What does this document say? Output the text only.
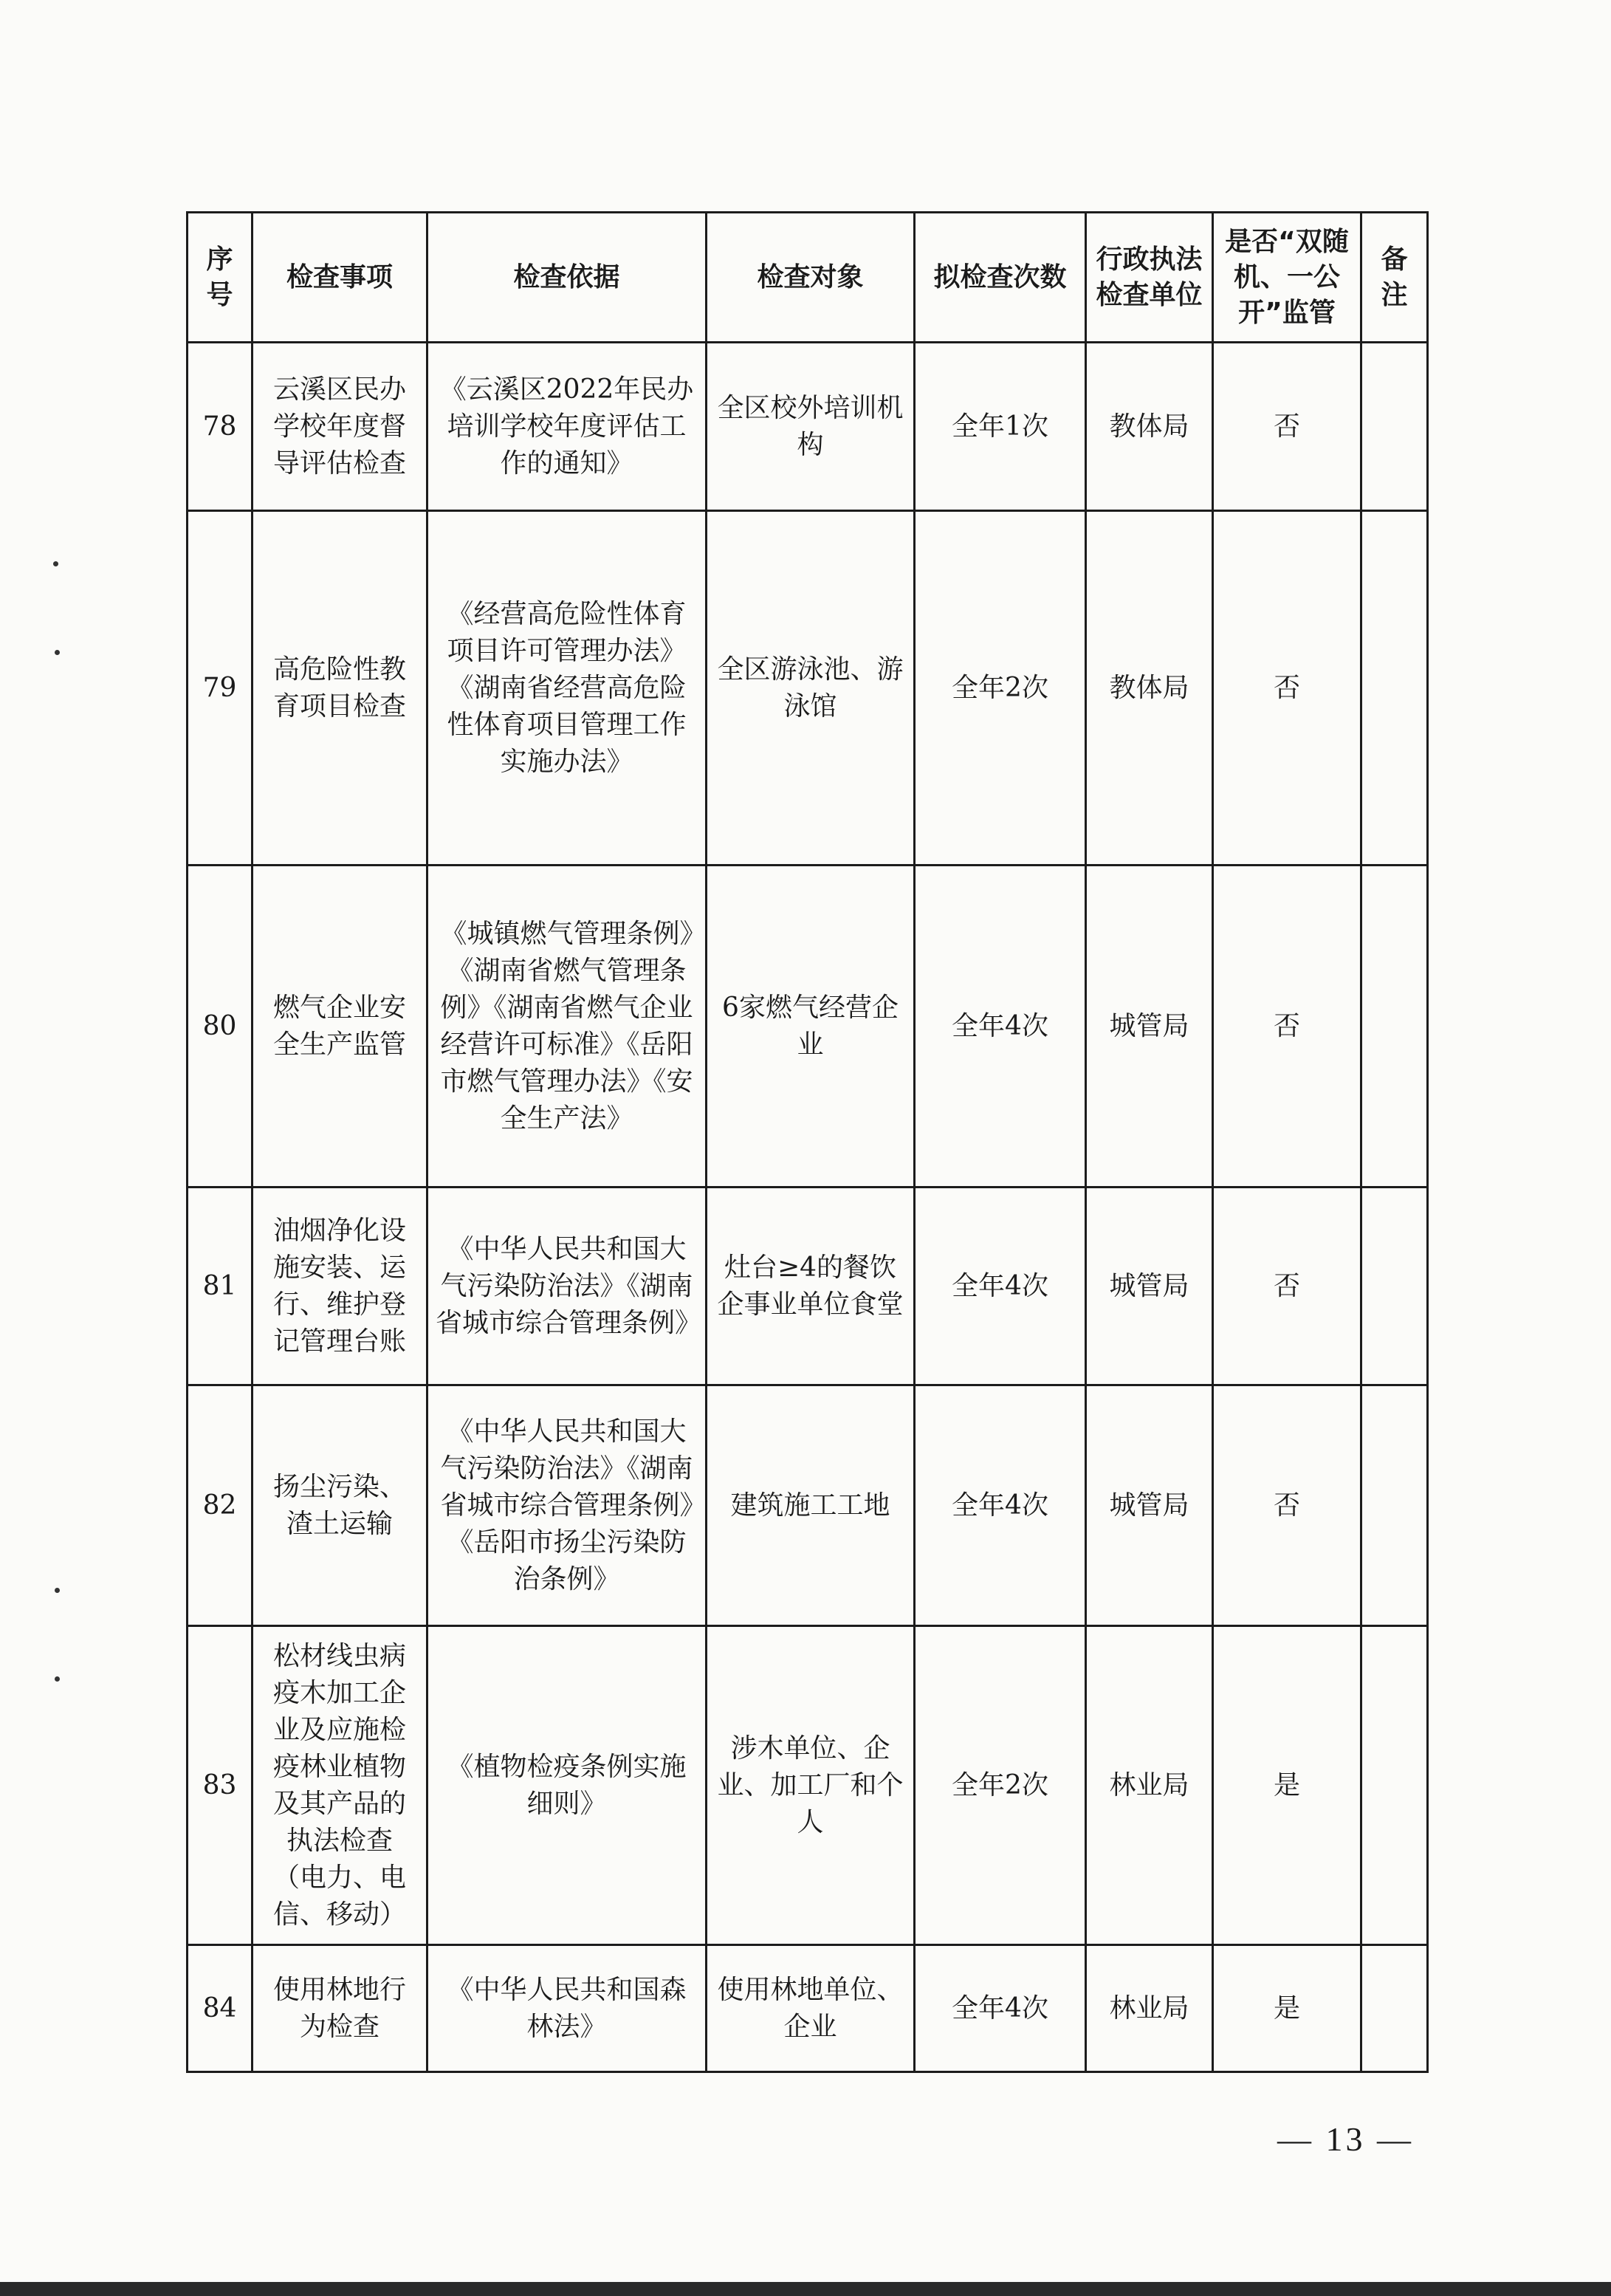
序号	检查事项	检查依据	检查对象	拟检查次数	行政执法检查单位	是否“双随机、一公开”监管	备注
78	云溪区民办学校年度督导评估检查	《云溪区2022年民办培训学校年度评估工作的通知》	全区校外培训机构	全年1次	教体局	否	
79	高危险性教育项目检查	《经营高危险性体育项目许可管理办法》《湖南省经营高危险性体育项目管理工作实施办法》	全区游泳池、游泳馆	全年2次	教体局	否	
80	燃气企业安全生产监管	《城镇燃气管理条例》《湖南省燃气管理条例》《湖南省燃气企业经营许可标准》《岳阳市燃气管理办法》《安全生产法》	6家燃气经营企业	全年4次	城管局	否	
81	油烟净化设施安装、运行、维护登记管理台账	《中华人民共和国大气污染防治法》《湖南省城市综合管理条例》	灶台≥4的餐饮企事业单位食堂	全年4次	城管局	否	
82	扬尘污染、渣土运输	《中华人民共和国大气污染防治法》《湖南省城市综合管理条例》《岳阳市扬尘污染防治条例》	建筑施工工地	全年4次	城管局	否	
83	松材线虫病疫木加工企业及应施检疫林业植物及其产品的执法检查（电力、电信、移动）	《植物检疫条例实施细则》	涉木单位、企业、加工厂和个人	全年2次	林业局	是	
84	使用林地行为检查	《中华人民共和国森林法》	使用林地单位、企业	全年4次	林业局	是	
— 13 —
